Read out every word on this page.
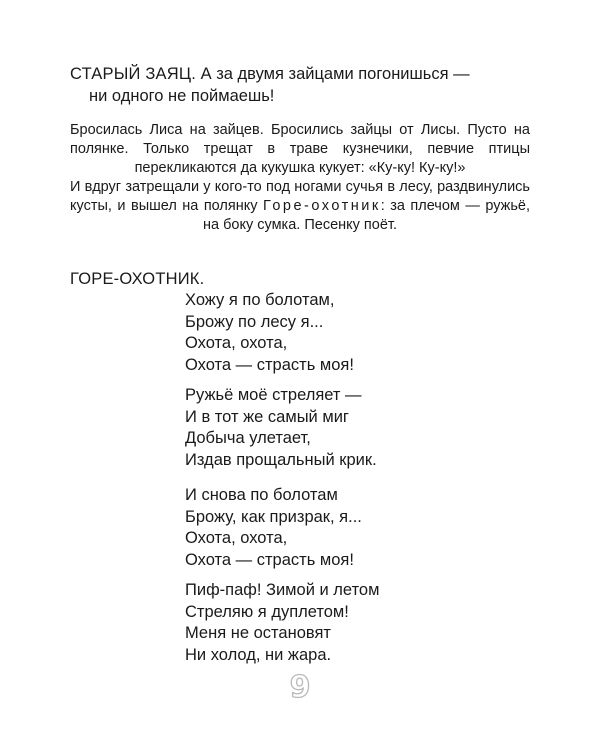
СТАРЫЙ ЗАЯЦ. А за двумя зайцами погонишься —
ни одного не поймаешь!

Бросилась Лиса на зайцев. Бросились зайцы от Лисы. Пусто на полянке. Только трещат в траве кузнечики, певчие птицы перекликаются да кукушка кукует: «Ку-ку! Ку-ку!»

И вдруг затрещали у кого-то под ногами сучья в лесу, раздвинулись кусты, и вышел на полянку Горе-охотник: за плечом — ружьё, на боку сумка. Песенку поёт.

ГОРЕ-ОХОТНИК.
Хожу я по болотам,
Брожу по лесу я...
Охота, охота,
Охота — страсть моя!
Ружьё моё стреляет —
И в тот же самый миг
Добыча улетает,
Издав прощальный крик.
И снова по болотам
Брожу, как призрак, я...
Охота, охота,
Охота — страсть моя!
Пиф-паф! Зимой и летом
Стреляю я дуплетом!
Меня не остановят
Ни холод, ни жара.
9
